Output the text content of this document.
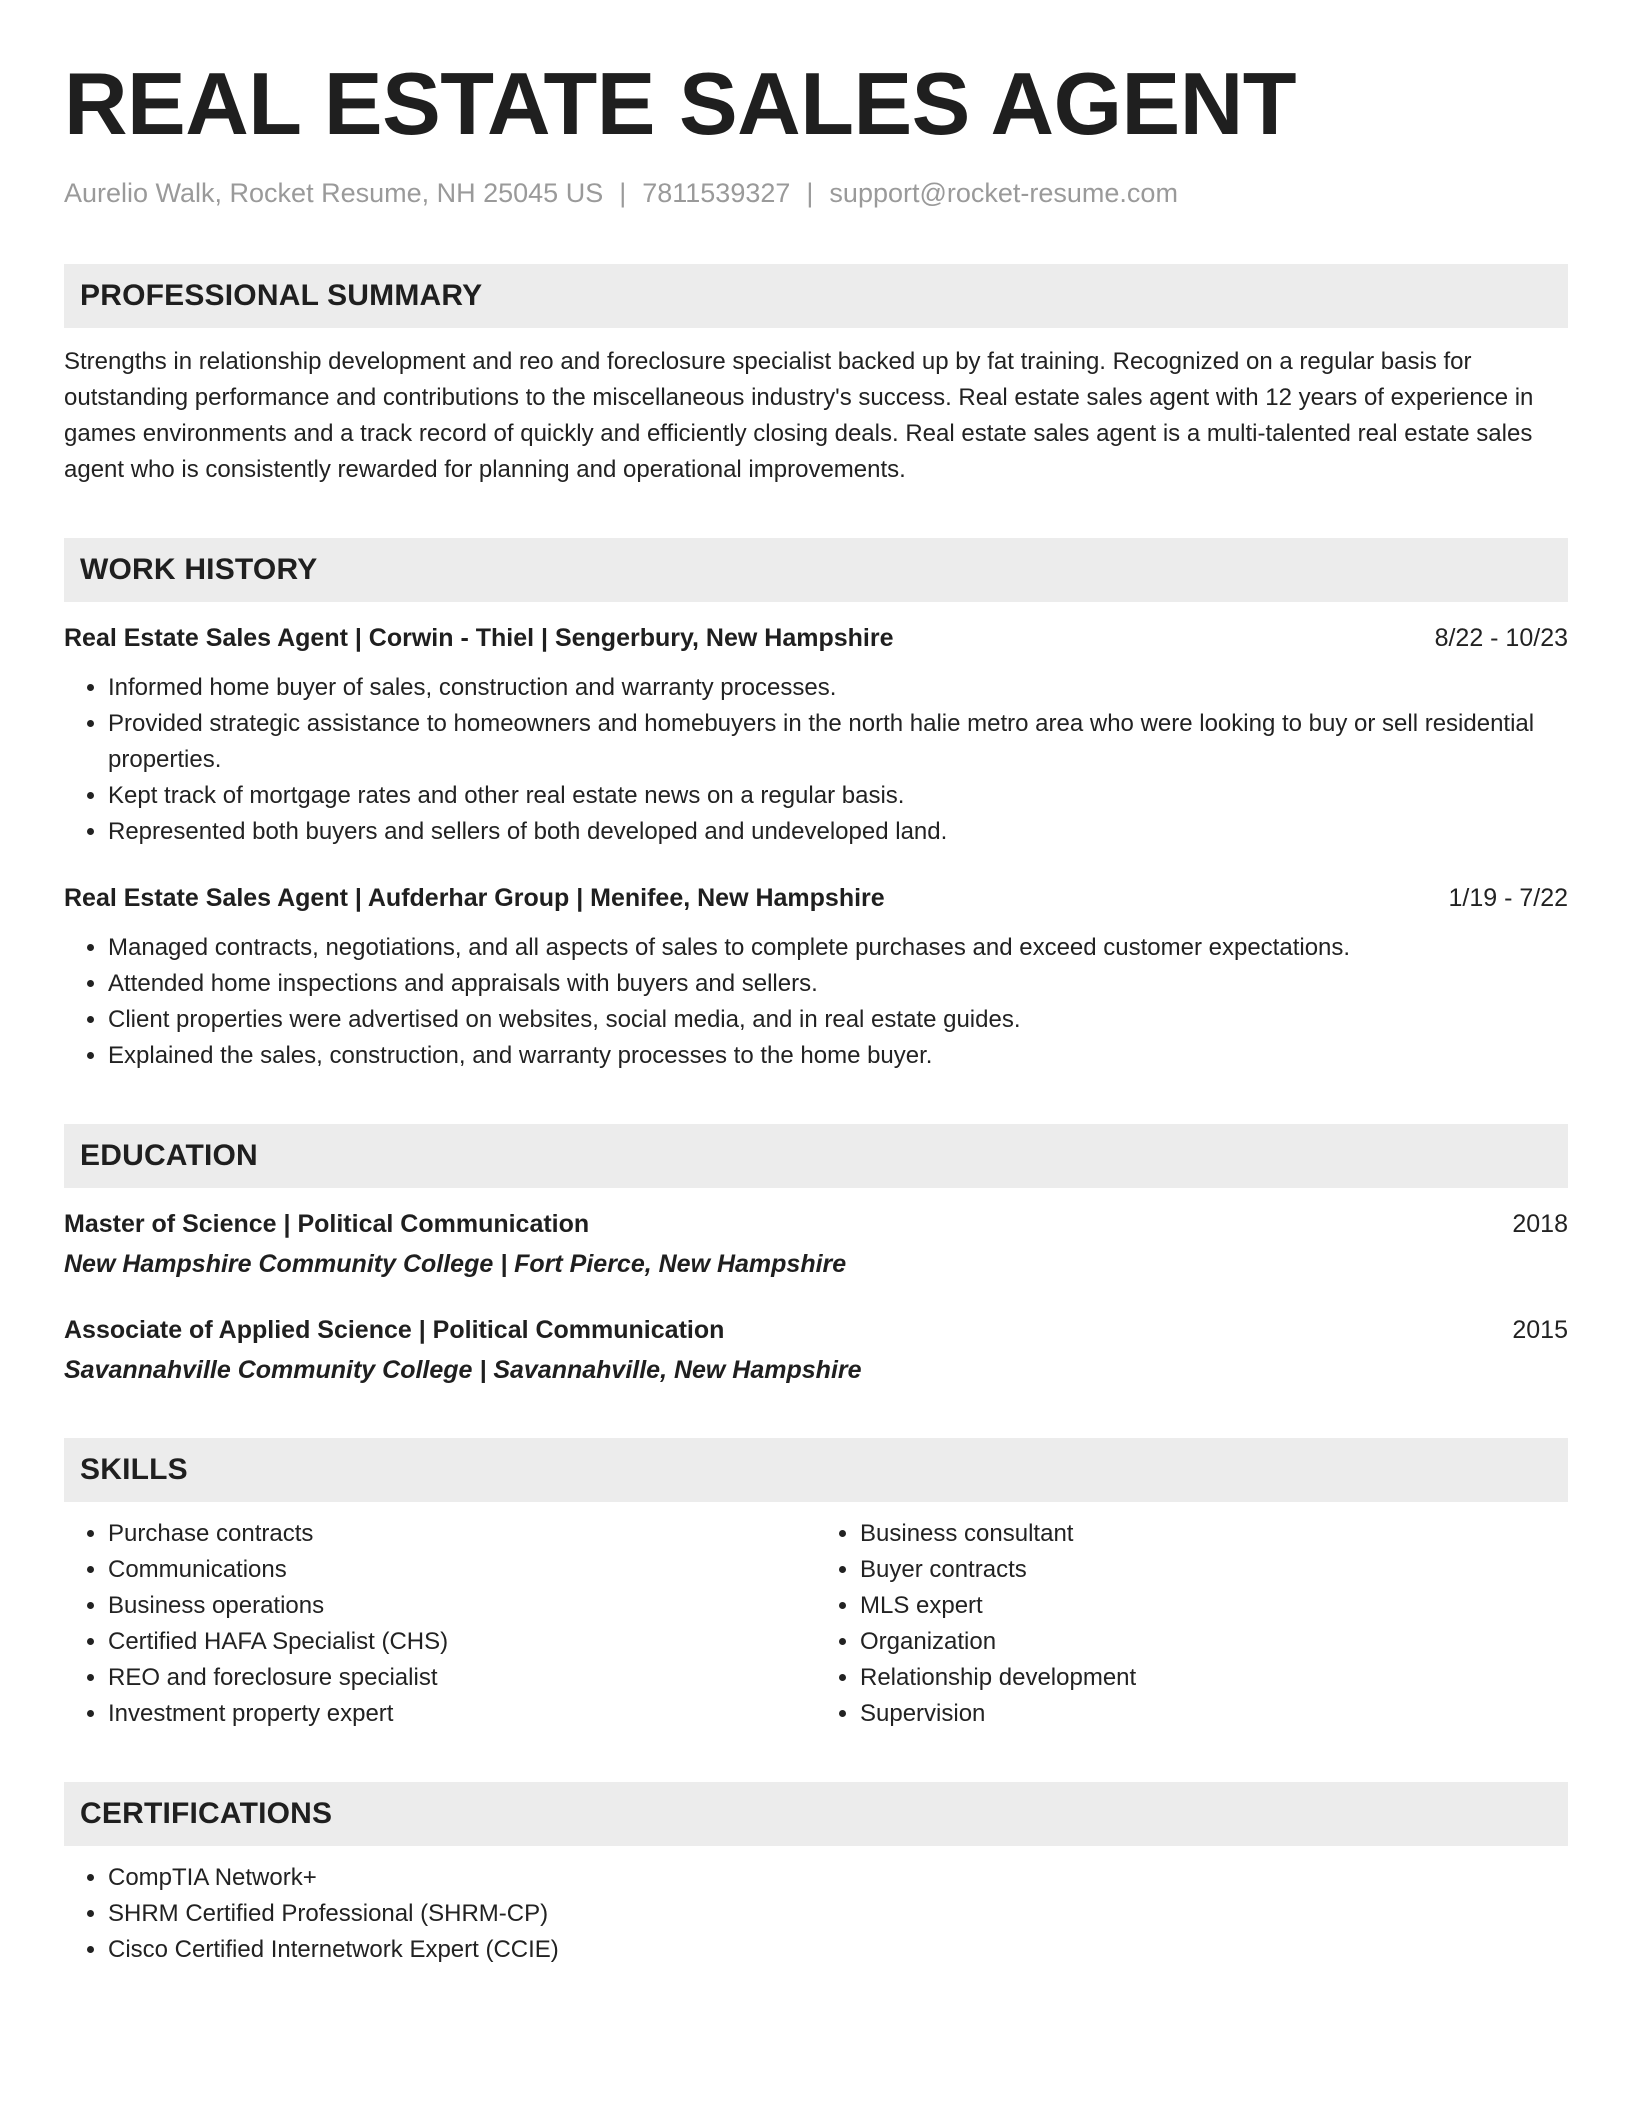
REAL ESTATE SALES AGENT
Aurelio Walk, Rocket Resume, NH 25045 US | 7811539327 | support@rocket-resume.com
PROFESSIONAL SUMMARY

Strengths in relationship development and reo and foreclosure specialist backed up by fat training. Recognized on a regular basis for outstanding performance and contributions to the miscellaneous industry's success. Real estate sales agent with 12 years of experience in games environments and a track record of quickly and efficiently closing deals. Real estate sales agent is a multi-talented real estate sales agent who is consistently rewarded for planning and operational improvements.

WORK HISTORY
Real Estate Sales Agent | Corwin - Thiel | Sengerbury, New Hampshire	8/22 - 10/23
• Informed home buyer of sales, construction and warranty processes.
• Provided strategic assistance to homeowners and homebuyers in the north halie metro area who were looking to buy or sell residential properties.
• Kept track of mortgage rates and other real estate news on a regular basis.
• Represented both buyers and sellers of both developed and undeveloped land.
Real Estate Sales Agent | Aufderhar Group | Menifee, New Hampshire	1/19 - 7/22
• Managed contracts, negotiations, and all aspects of sales to complete purchases and exceed customer expectations.
• Attended home inspections and appraisals with buyers and sellers.
• Client properties were advertised on websites, social media, and in real estate guides.
• Explained the sales, construction, and warranty processes to the home buyer.
EDUCATION
Master of Science | Political Communication	2018
New Hampshire Community College | Fort Pierce, New Hampshire
Associate of Applied Science | Political Communication	2015
Savannahville Community College | Savannahville, New Hampshire
SKILLS
• Purchase contracts
• Communications
• Business operations
• Certified HAFA Specialist (CHS)
• REO and foreclosure specialist
• Investment property expert
• Business consultant
• Buyer contracts
• MLS expert
• Organization
• Relationship development
• Supervision
CERTIFICATIONS
• CompTIA Network+
• SHRM Certified Professional (SHRM-CP)
• Cisco Certified Internetwork Expert (CCIE)
